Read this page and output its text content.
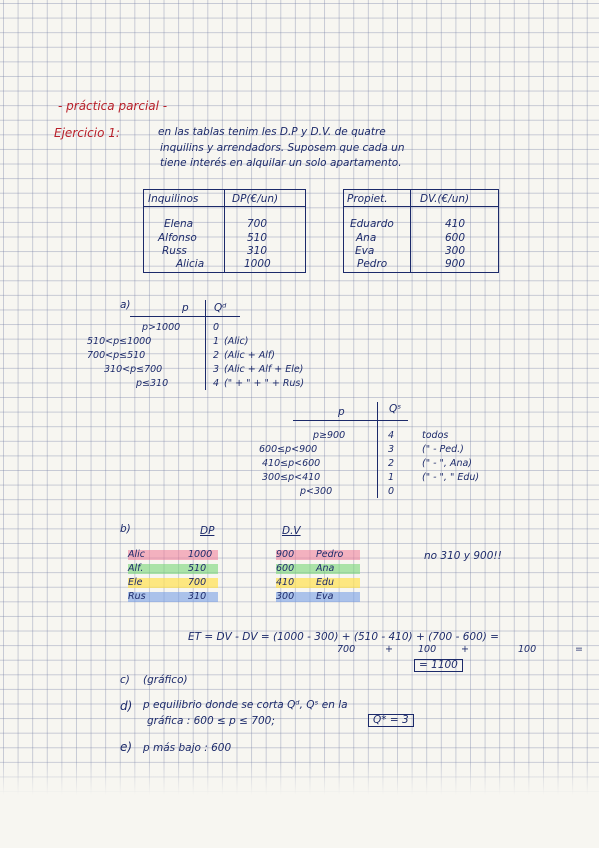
- práctica parcial -
Ejercicio 1:	en las tablas tenim les D.P y D.V. de quatre
inquilins y arrendadors. Suposem que cada un
tiene interés en alquilar un solo apartamento.
Inquilinos	DP(€/un)
Elena	700
Alfonso	510
Russ	310
Alicia	1000
Propiet.	DV.(€/un)
Eduardo	410
Ana	600
Eva	300
Pedro	900
a)	p Qᵈ
p>1000	0
510<p≤1000	1 (Alic)
700<p≤510	2 (Alic + Alf)
310<p≤700	3 (Alic + Alf + Ele)
p≤310	4 (" + " + " + Rus)
p	Qˢ
p≥900	4	todos
600≤p<900	3	(" - Ped.)
410≤p<600	2	(" - ", Ana)
300≤p<410	1	(" - ", " Edu)
p<300	0
b)	DP	D.V
Alic	1000
Alf.	510
Ele	700
Rus	310
900 Pedro
600 Ana
410 Edu
300 Eva
no 310 y 900!!
ET = DV - DV = (1000 - 300) + (510 - 410) + (700 - 600) =
700	+	100	+	100	=
= 1100
c) (gráfico)
d) p equilibrio donde se corta Qᵈ, Qˢ en la
gráfica : 600 ≤ p ≤ 700;	Q* = 3
e) p más bajo : 600
